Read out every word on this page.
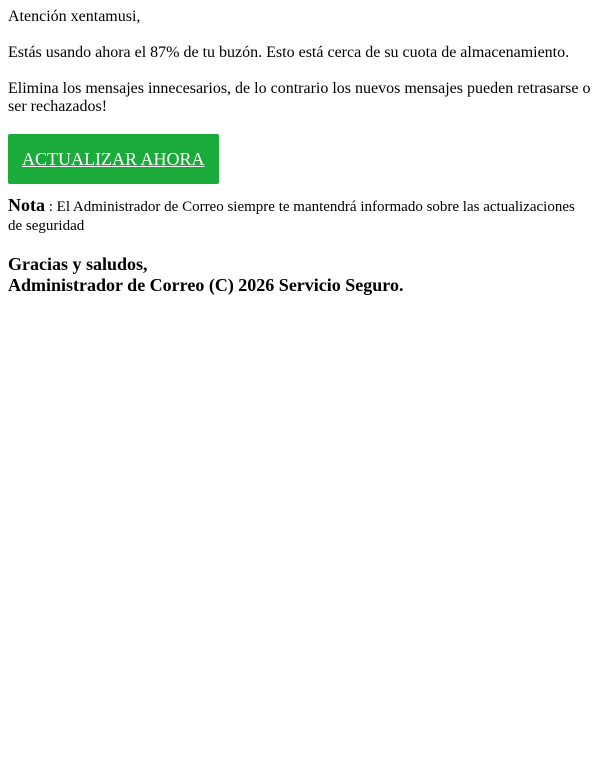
Atención xentamusi,

Estás usando ahora el 87% de tu buzón. Esto está cerca de su cuota de almacenamiento.

Elimina los mensajes innecesarios, de lo contrario los nuevos mensajes pueden retrasarse o ser rechazados!

ACTUALIZAR AHORA

Nota : El Administrador de Correo siempre te mantendrá informado sobre las actualizaciones de seguridad

Gracias y saludos,

Administrador de Correo (C) 2026 Servicio Seguro.
